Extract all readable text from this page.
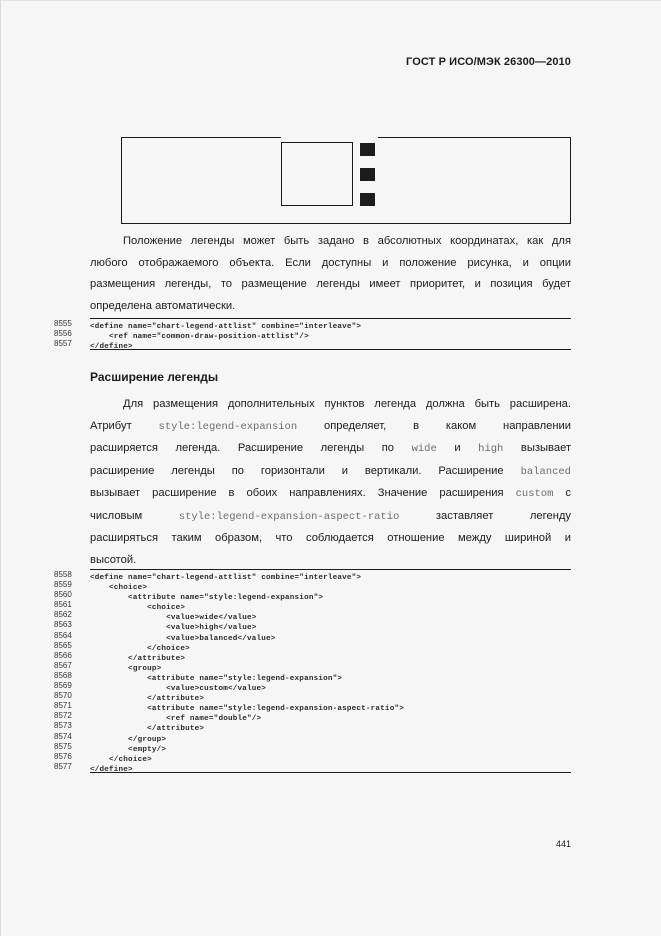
ГОСТ Р ИСО/МЭК 26300—2010
Положение легенды может быть задано в абсолютных координатах, как для
любого отображаемого объекта. Если доступны и положение рисунка, и опции
размещения легенды, то размещение легенды имеет приоритет, и позиция будет
определена автоматически.
8555	<define name="chart-legend-attlist" combine="interleave">
8556	<ref name="common-draw-position-attlist"/>
8557	</define>
Расширение легенды
Для размещения дополнительных пунктов легенда должна быть расширена.
Атрибут	style:legend-expansion определяет, в каком направлении
расширяется легенда. Расширение легенды по wide и high вызывает
расширение легенды по горизонтали и вертикали. Расширение balanced
вызывает расширение в обоих направлениях. Значение расширения custom с
числовым	style:legend-expansion-aspect-ratio	заставляет	легенду
расширяться таким образом, что соблюдается отношение между шириной и
высотой.
8558	<define name="chart-legend-attlist" combine="interleave">
8559	<choice>
8560	<attribute name="style:legend-expansion">
8561	<choice>
8562	<value>wide</value>
8563	<value>high</value>
8564	<value>balanced</value>
8565	</choice>
8566	</attribute>
8567	<group>
8568	<attribute name="style:legend-expansion">
8569	<value>custom</value>
8570	</attribute>
8571	<attribute name="style:legend-expansion-aspect-ratio">
8572	<ref name="double"/>
8573	</attribute>
8574	</group>
8575	<empty/>
8576	</choice>
8577	</define>
441
